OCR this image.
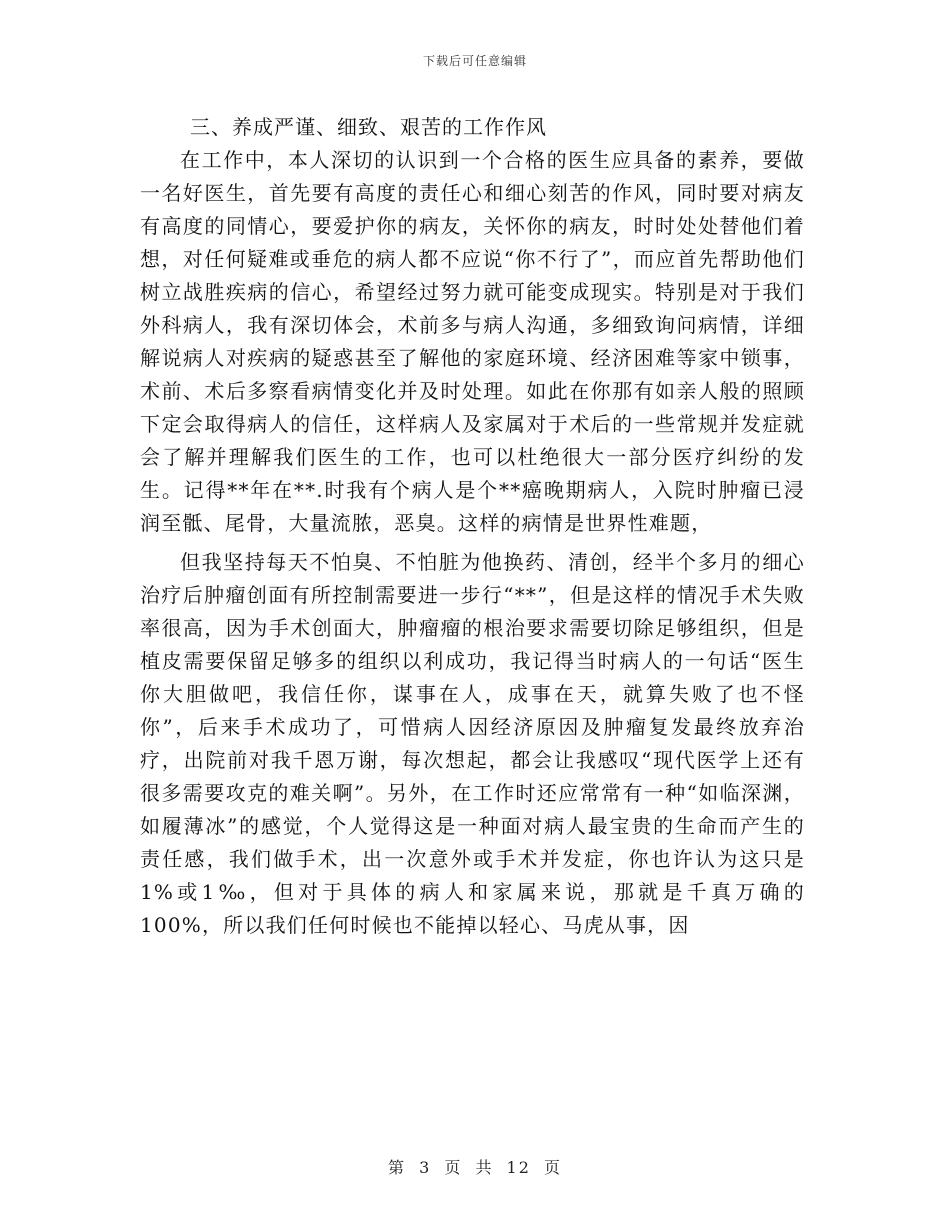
下载后可任意编辑
三、养成严谨、细致、艰苦的工作作风

在工作中，本人深切的认识到一个合格的医生应具备的素养，要做一名好医生，首先要有高度的责任心和细心刻苦的作风，同时要对病友有高度的同情心，要爱护你的病友，关怀你的病友，时时处处替他们着想，对任何疑难或垂危的病人都不应说“你不行了”，而应首先帮助他们树立战胜疾病的信心，希望经过努力就可能变成现实。特别是对于我们外科病人，我有深切体会，术前多与病人沟通，多细致询问病情，详细解说病人对疾病的疑惑甚至了解他的家庭环境、经济困难等家中锁事，术前、术后多察看病情变化并及时处理。如此在你那有如亲人般的照顾下定会取得病人的信任，这样病人及家属对于术后的一些常规并发症就会了解并理解我们医生的工作，也可以杜绝很大一部分医疗纠纷的发生。记得**年在**.时我有个病人是个**癌晚期病人，入院时肿瘤已浸润至骶、尾骨，大量流脓，恶臭。这样的病情是世界性难题，

但我坚持每天不怕臭、不怕脏为他换药、清创，经半个多月的细心治疗后肿瘤创面有所控制需要进一步行“**”，但是这样的情况手术失败率很高，因为手术创面大，肿瘤瘤的根治要求需要切除足够组织，但是植皮需要保留足够多的组织以利成功，我记得当时病人的一句话“医生你大胆做吧，我信任你，谋事在人，成事在天，就算失败了也不怪你”，后来手术成功了，可惜病人因经济原因及肿瘤复发最终放弃治疗，出院前对我千恩万谢，每次想起，都会让我感叹“现代医学上还有很多需要攻克的难关啊”。另外，在工作时还应常常有一种“如临深渊，如履薄冰”的感觉，个人觉得这是一种面对病人最宝贵的生命而产生的责任感，我们做手术，出一次意外或手术并发症，你也许认为这只是1%或1‰，但对于具体的病人和家属来说，那就是千真万确的100%，所以我们任何时候也不能掉以轻心、马虎从事，因

第 3 页 共 12 页
